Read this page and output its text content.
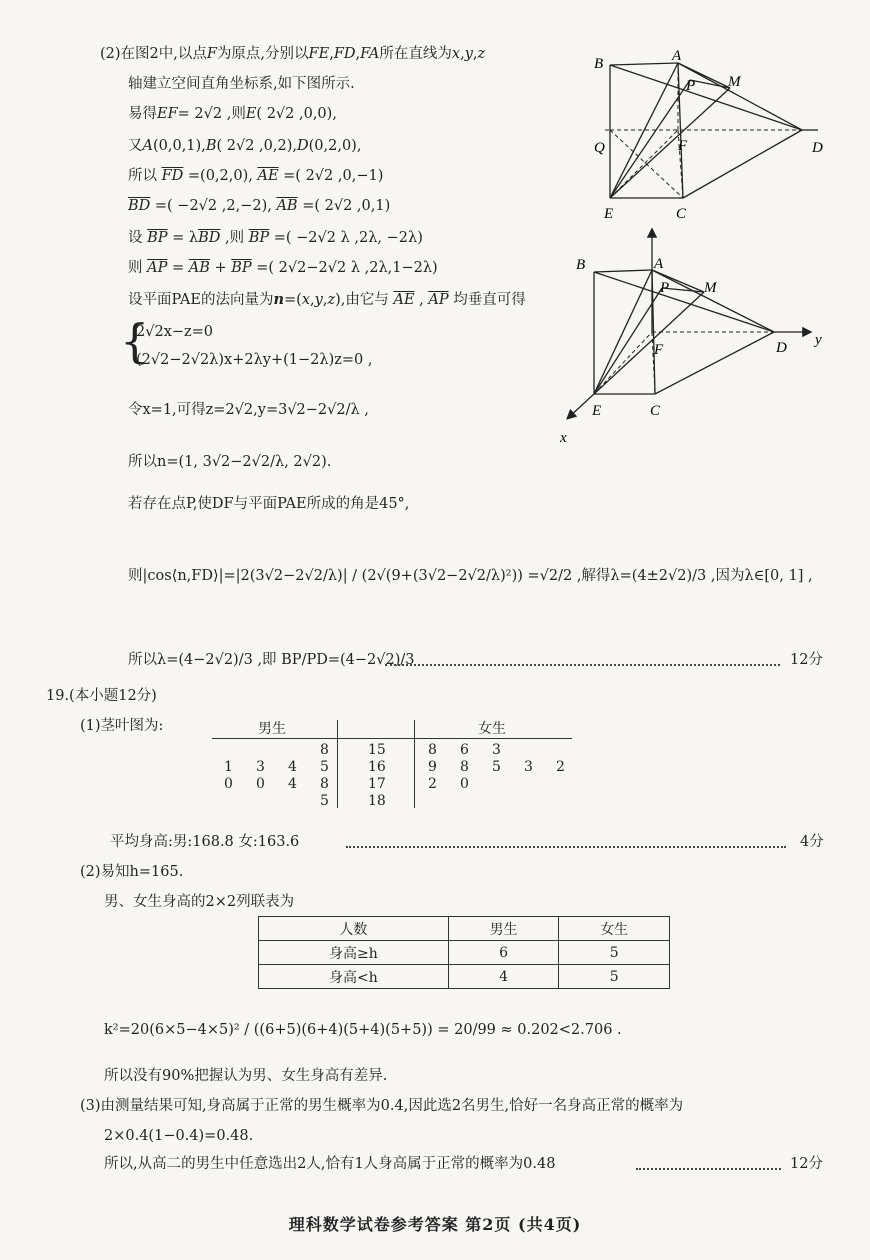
(2)在图2中,以点F为原点,分别以FE,FD,FA所在直线为x,y,z
轴建立空间直角坐标系,如下图所示.
易得EF= 2√2 ,则E( 2√2 ,0,0),
又A(0,0,1),B( 2√2 ,0,2),D(0,2,0),
所以 $\overline{FD} =(0,2,0)$, $\overline{AE}$ =( 2√2 ,0,−1)
$\overline{BD}$ =( −2√2 ,2,−2), $\overline{AB}$ =( 2√2 ,0,1)
设 $\overline{BP} = \lambda\overline{BD}$ ,则 $\overline{BP}$ =( −2√2 λ ,2λ, −2λ)
则 $\overline{AP} = \overline{AB} + \overline{BP}$ =( 2√2−2√2 λ ,2λ,1−2λ)
设平面PAE的法向量为n=(x,y,z),由它与 $\overline{AE}$ , $\overline{AP}$ 均垂直可得
{
2√2x−z=0
(2√2−2√2λ)x+2λy+(1−2λ)z=0 ,
令x=1,可得z=2√2,y=3√2−2√2/λ ,
所以n=(1, 3√2−2√2/λ, 2√2).
若存在点P,使DF与平面PAE所成的角是45°,
则|cos⟨n,FD⟩|=|2(3√2−2√2/λ)| / (2√(9+(3√2−2√2/λ)²)) =√2/2 ,解得λ=(4±2√2)/3 ,因为λ∈[0, 1] ,
所以λ=(4−2√2)/3 ,即 BP/PD=(4−2√2)/3	12分
B	A
P M
Q	F	D
E	C
B	A
P M
F	D
E	C
x
y
19.(本小题12分)
(1)茎叶图为:	男生	女生
8	15	8 6 3
1 3 4 5	16	9 8 5 3 2
0 0 4 8	17	2 0
5	18
平均身高:男:168.8 女:163.6	4分
(2)易知h=165.
男、女生身高的2×2列联表为
人数	男生	女生
身高≥h	6	5
身高<h	4	5
k²=20(6×5−4×5)² / ((6+5)(6+4)(5+4)(5+5)) = 20/99 ≈ 0.202<2.706 .
所以没有90%把握认为男、女生身高有差异.
(3)由测量结果可知,身高属于正常的男生概率为0.4,因此选2名男生,恰好一名身高正常的概率为
2×0.4(1−0.4)=0.48.
所以,从高二的男生中任意选出2人,恰有1人身高属于正常的概率为0.48	12分
理科数学试卷参考答案 第2页 (共4页)
